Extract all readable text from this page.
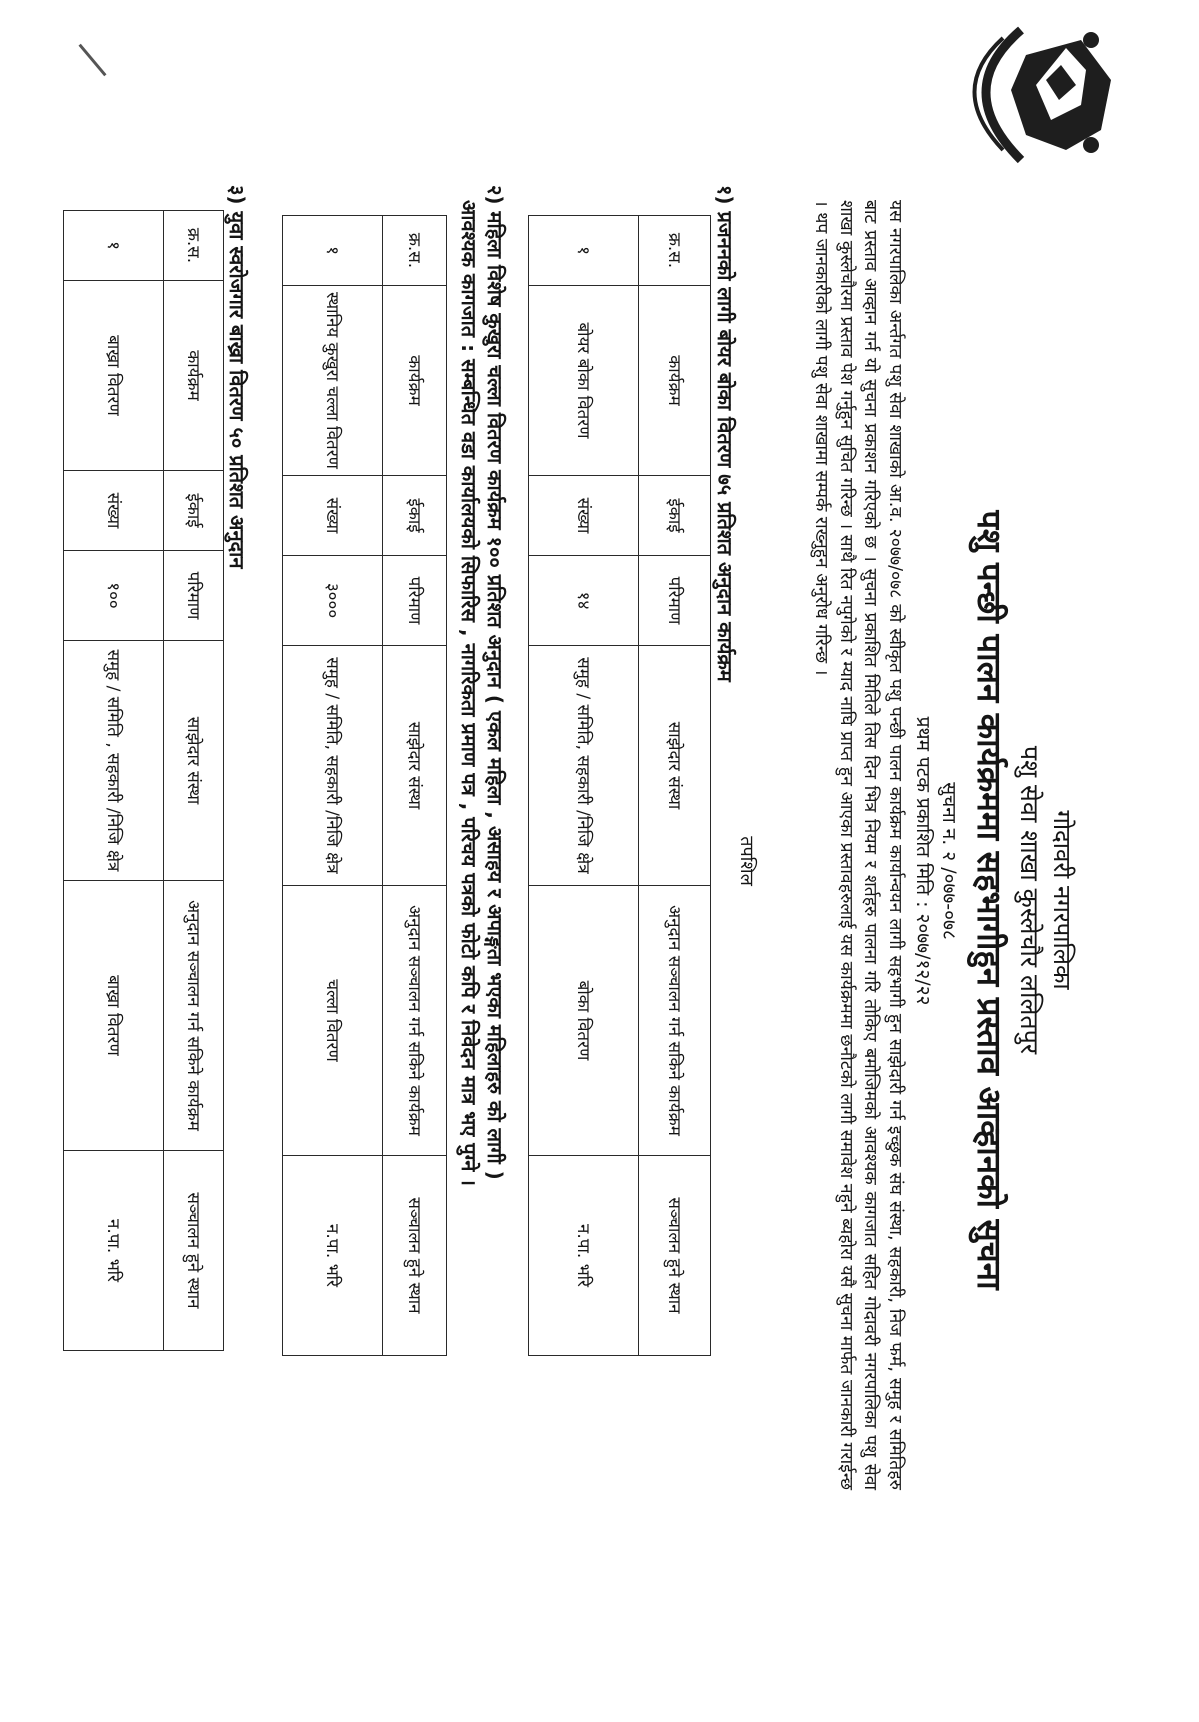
गोदावरी नगरपालिका
पशु सेवा शाखा कुस्लेचौर ललितपुर
पशु पन्छी पालन कार्यक्रममा सहभागीहुन प्रस्ताव आव्हानको सुचना
सुचना न. २ /०७७-०७८
प्रथम पटक प्रकाशित मिति : २०७७/१२/२२
यस नगरपालिका अर्न्तगत पशु सेवा शाखाको आ.व. २०७७/०७८ को स्वीकृत पशु पन्छी पालन कार्यक्रम कार्यान्वयन लागी सहभागी हुन साझेदारी गर्न इच्छुक संघ संस्था, सहकारी, निज फर्म, समुह र समितिहरु बाट प्रस्ताव आव्हान गर्न यो सुचना प्रकाशन गरिएको छ । सुचना प्रकाशित मितिले तिस दिन भित्र नियम र शर्तहरु पालना गरि तोकिए बमोजिमको आवश्यक कागजात सहित गोदावरी नगरपालिका पशु सेवा शाखा कुस्लेचौरमा प्रस्ताव पेश गर्नुहुन सुचित गरिन्छ । साथै रित नपुगेको र म्याद नाघि प्राप्त हुन आएका प्रस्तावहरुलाई यस कार्यक्रममा छनौटको लागी समावेश नहुने ब्यहोरा यसै सुचना मार्फत जानकारी गराईन्छ । थप जानकारीको लागी पशु सेवा शाखामा सम्पर्क राख्नुहुन अनुरोध गरिन्छ ।
तपशिल
१) प्रजननको लागी बोयर बोका वितरण ७५ प्रतिशत अनुदान कार्यक्रम
क्र.स.	कार्यक्रम	ईकाई	परिमाण	साझेदार संस्था	अनुदान सञ्चालन गर्न सकिने कार्यक्रम	सञ्चालन हुने स्थान
१	बोयर बोका वितरण	संख्या	१४	समुह / समिति, सहकारी /निजि क्षेत्र	बोका वितरण	न.पा. भरि
२) महिला विशेष कुखुरा चल्ला वितरण कार्यक्रम १०० प्रतिशत अनुदान ( एकल महिला , असाहय र अपाङ्गता भएका महिलाहरु को लागी )
आवश्यक कागजात : सम्बन्धित वडा कार्यालयको सिफारिस , नागरिकता प्रमाण पत्र , परिचय पत्रको फोटो कपि र निवेदन मात्र भए पुग्ने ।
क्र.स.	कार्यक्रम	ईकाई	परिमाण	साझेदार संस्था	अनुदान सञ्चालन गर्न सकिने कार्यक्रम	सञ्चालन हुने स्थान
१	स्थानिय कुखुरा चल्ला वितरण	संख्या	३०००	समुह / समिति, सहकारी /निजि क्षेत्र	चल्ला वितरण	न.पा. भरि
३) युवा स्वरोजगार बाख्रा वितरण ५० प्रतिशत अनुदान
क्र.स.	कार्यक्रम	ईकाई	परिमाण	साझेदार संस्था	अनुदान सञ्चालन गर्न सकिने कार्यक्रम	सञ्चालन हुने स्थान
१	बाख्रा वितरण	संख्या	१००	समुह / समिति , सहकारी /निजि क्षेत्र	बाख्रा वितरण	न.पा. भरि
